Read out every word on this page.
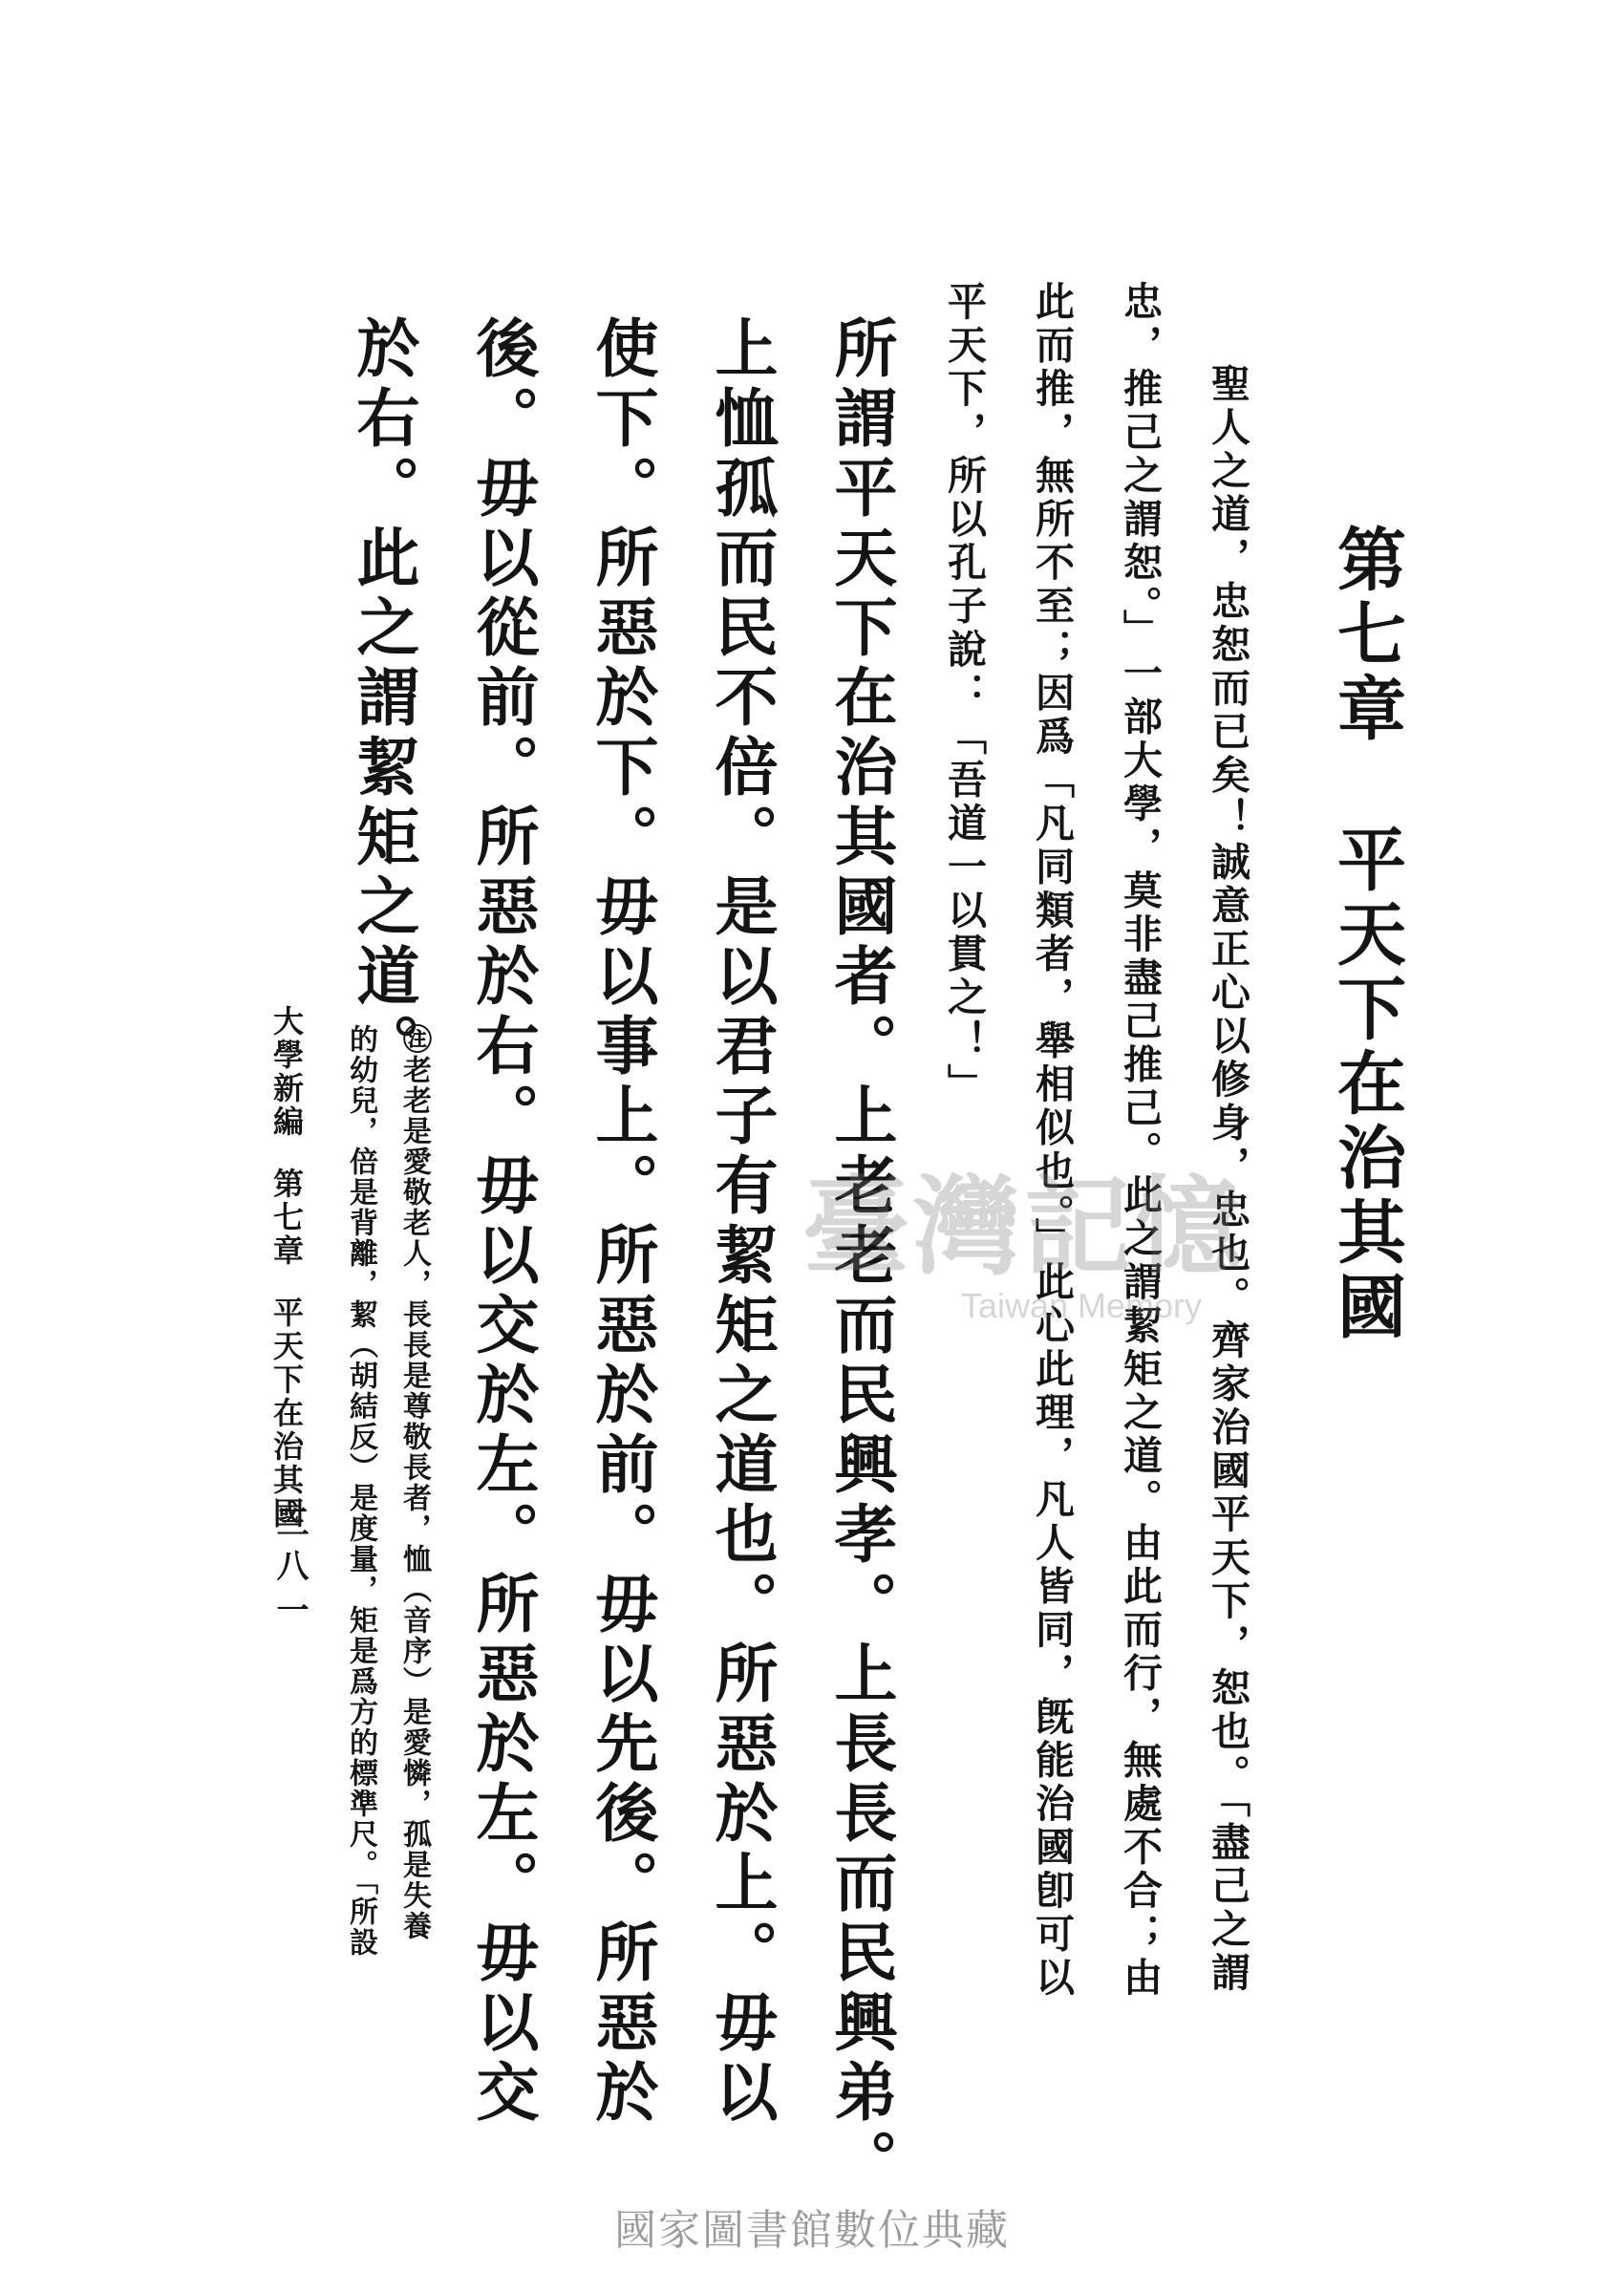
第七章平天下在治其國
聖人之道，忠恕而已矣！誠意正心以修身，忠也。齊家治國平天下，恕也。「盡己之謂
忠，推己之謂恕。」一部大學，莫非盡己推己。此之謂絜矩之道。由此而行，無處不合；由
此而推，無所不至；因爲「凡同類者，舉相似也。」此心此理，凡人皆同，旣能治國卽可以
平天下，所以孔子說：「吾道一以貫之！」
所謂平天下在治其國者。上老老而民興孝。上長長而民興弟。
上恤孤而民不倍。是以君子有絜矩之道也。所惡於上。毋以
使下。所惡於下。毋以事上。所惡於前。毋以先後。所惡於
後。毋以從前。所惡於右。毋以交於左。所惡於左。毋以交
於右。此之謂絜矩之道。
㊟老老是愛敬老人，長長是尊敬長者，恤（音序）是愛憐，孤是失養
的幼兒，倍是背離，絜（胡結反）是度量，矩是爲方的標準尺。「所設
大學新編第七章平天下在治其國
三八一
臺灣記憶
Taiwan Memory
國家圖書館數位典藏
